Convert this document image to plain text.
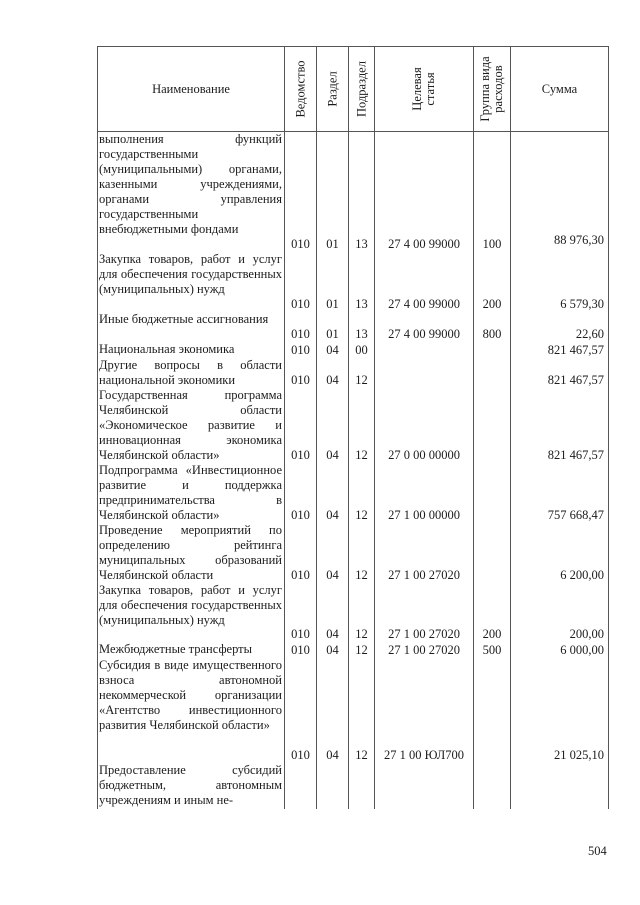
Наименование	Ведомство	Раздел	Подраздел	Целевая статья	Группа вида расходов	Сумма
выполнения функций государственными (муниципальными) органами, казенными учреждениями, органами управления государственными внебюджетными фондами	010	01	13	27 4 00 99000	100	88 976,30
Закупка товаров, работ и услуг для обеспечения государственных (муниципальных) нужд	010	01	13	27 4 00 99000	200	6 579,30
Иные бюджетные ассигнования	010	01	13	27 4 00 99000	800	22,60
Национальная экономика	010	04	00			821 467,57
Другие вопросы в области национальной экономики	010	04	12			821 467,57
Государственная программа Челябинской области «Экономическое развитие и инновационная экономика Челябинской области»	010	04	12	27 0 00 00000		821 467,57
Подпрограмма «Инвестиционное развитие и поддержка предпринимательства в Челябинской области»	010	04	12	27 1 00 00000		757 668,47
Проведение мероприятий по определению рейтинга муниципальных образований Челябинской области	010	04	12	27 1 00 27020		6 200,00
Закупка товаров, работ и услуг для обеспечения государственных (муниципальных) нужд	010	04	12	27 1 00 27020	200	200,00
Межбюджетные трансферты	010	04	12	27 1 00 27020	500	6 000,00
Субсидия в виде имущественного взноса автономной некоммерческой организации «Агентство инвестиционного развития Челябинской области»	010	04	12	27 1 00 ЮЛ700		21 025,10
Предоставление субсидий бюджетным, автономным учреждениям и иным не-						
504
